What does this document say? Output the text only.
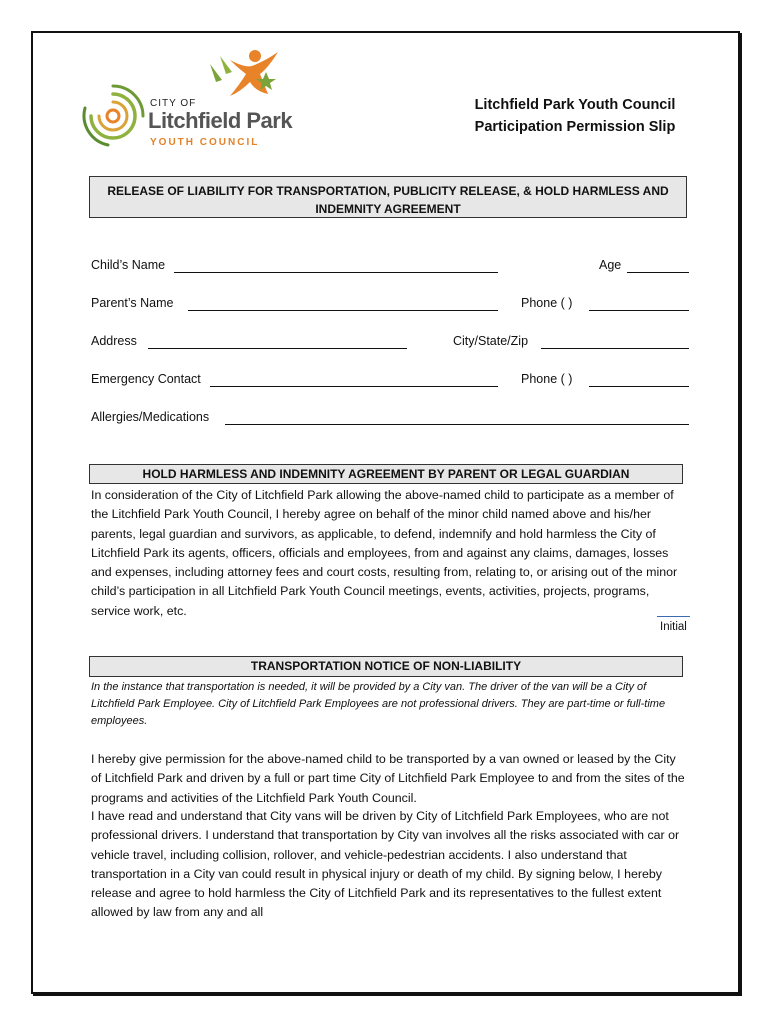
CITY OF
Litchfield Park
YOUTH COUNCIL
Litchfield Park Youth Council
Participation Permission Slip
RELEASE OF LIABILITY FOR TRANSPORTATION, PUBLICITY RELEASE, & HOLD HARMLESS AND
INDEMNITY AGREEMENT
Child’s Name	Age
Parent’s Name	Phone ( )
Address	City/State/Zip
Emergency Contact	Phone ( )
Allergies/Medications
HOLD HARMLESS AND INDEMNITY AGREEMENT BY PARENT OR LEGAL GUARDIAN
In consideration of the City of Litchfield Park allowing the above-named child to participate as a member of the Litchfield Park Youth Council, I hereby agree on behalf of the minor child named above and his/her parents, legal guardian and survivors, as applicable, to defend, indemnify and hold harmless the City of Litchfield Park its agents, officers, officials and employees, from and against any claims, damages, losses and expenses, including attorney fees and court costs, resulting from, relating to, or arising out of the minor child’s participation in all Litchfield Park Youth Council meetings, events, activities, projects, programs, service work, etc.
Initial
TRANSPORTATION NOTICE OF NON-LIABILITY
In the instance that transportation is needed, it will be provided by a City van. The driver of the van will be a City of Litchfield Park Employee. City of Litchfield Park Employees are not professional drivers. They are part-time or full-time employees.
I hereby give permission for the above-named child to be transported by a van owned or leased by the City of Litchfield Park and driven by a full or part time City of Litchfield Park Employee to and from the sites of the programs and activities of the Litchfield Park Youth Council.
I have read and understand that City vans will be driven by City of Litchfield Park Employees, who are not professional drivers. I understand that transportation by City van involves all the risks associated with car or vehicle travel, including collision, rollover, and vehicle-pedestrian accidents. I also understand that transportation in a City van could result in physical injury or death of my child. By signing below, I hereby release and agree to hold harmless the City of Litchfield Park and its representatives to the fullest extent allowed by law from any and all
